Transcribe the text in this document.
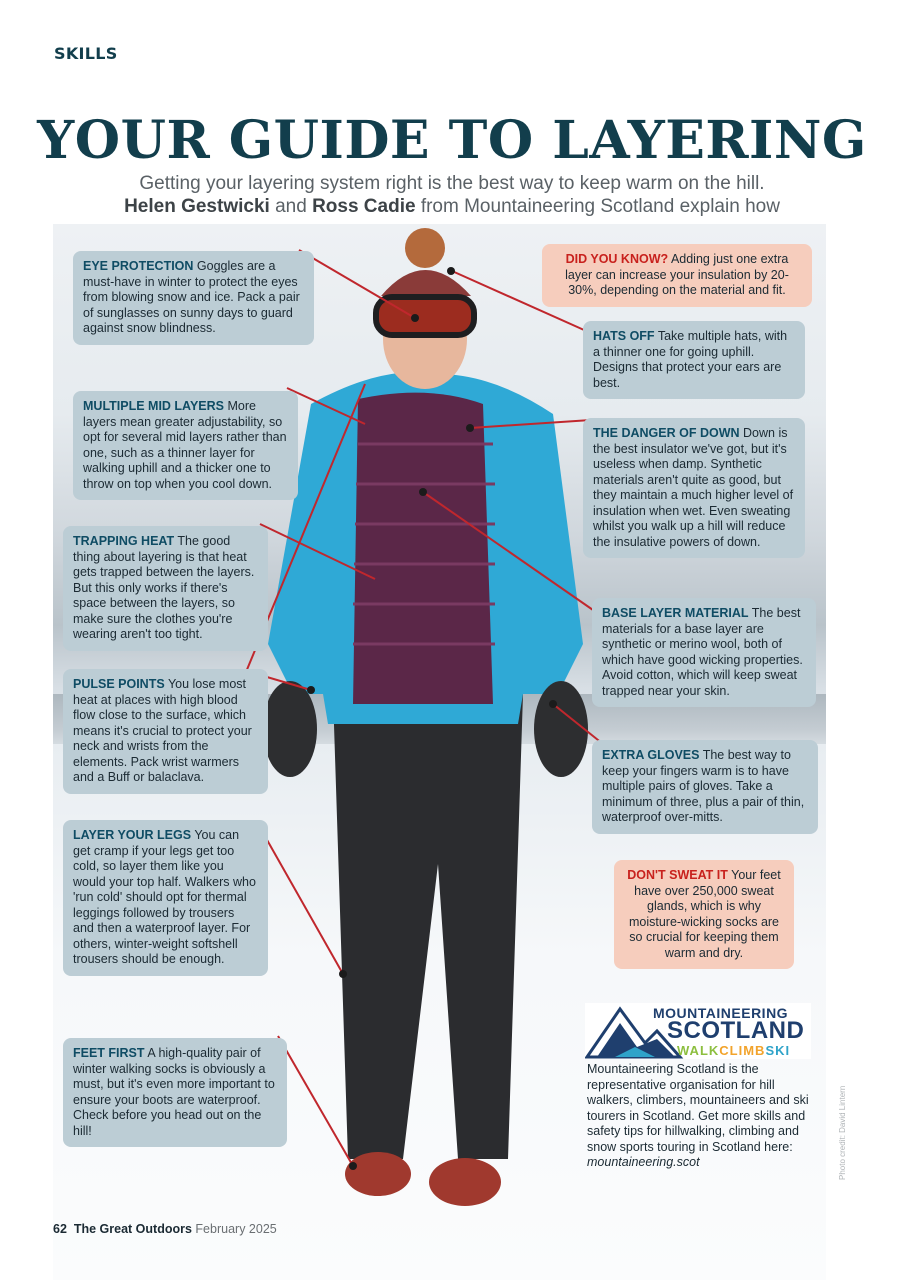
SKILLS
YOUR GUIDE TO LAYERING
Getting your layering system right is the best way to keep warm on the hill.
Helen Gestwicki and Ross Cadie from Mountaineering Scotland explain how
EYE PROTECTION Goggles are a must-have in winter to protect the eyes from blowing snow and ice. Pack a pair of sunglasses on sunny days to guard against snow blindness.
MULTIPLE MID LAYERS More layers mean greater adjustability, so opt for several mid layers rather than one, such as a thinner layer for walking uphill and a thicker one to throw on top when you cool down.
TRAPPING HEAT The good thing about layering is that heat gets trapped between the layers. But this only works if there's space between the layers, so make sure the clothes you're wearing aren't too tight.
PULSE POINTS You lose most heat at places with high blood flow close to the surface, which means it's crucial to protect your neck and wrists from the elements. Pack wrist warmers and a Buff or balaclava.
LAYER YOUR LEGS You can get cramp if your legs get too cold, so layer them like you would your top half. Walkers who 'run cold' should opt for thermal leggings followed by trousers and then a waterproof layer. For others, winter-weight softshell trousers should be enough.
FEET FIRST A high-quality pair of winter walking socks is obviously a must, but it's even more important to ensure your boots are waterproof. Check before you head out on the hill!
DID YOU KNOW? Adding just one extra layer can increase your insulation by 20-30%, depending on the material and fit.
HATS OFF Take multiple hats, with a thinner one for going uphill. Designs that protect your ears are best.
THE DANGER OF DOWN Down is the best insulator we've got, but it's useless when damp. Synthetic materials aren't quite as good, but they maintain a much higher level of insulation when wet. Even sweating whilst you walk up a hill will reduce the insulative powers of down.
BASE LAYER MATERIAL The best materials for a base layer are synthetic or merino wool, both of which have good wicking properties. Avoid cotton, which will keep sweat trapped near your skin.
EXTRA GLOVES The best way to keep your fingers warm is to have multiple pairs of gloves. Take a minimum of three, plus a pair of thin, waterproof over-mitts.
DON'T SWEAT IT Your feet have over 250,000 sweat glands, which is why moisture-wicking socks are so crucial for keeping them warm and dry.
MOUNTAINEERING
SCOTLAND
WALKCLIMBSKI
Mountaineering Scotland is the representative organisation for hill walkers, climbers, mountaineers and ski tourers in Scotland. Get more skills and safety tips for hillwalking, climbing and snow sports touring in Scotland here: mountaineering.scot	Photo credit: David Lintern
62 The Great Outdoors February 2025
